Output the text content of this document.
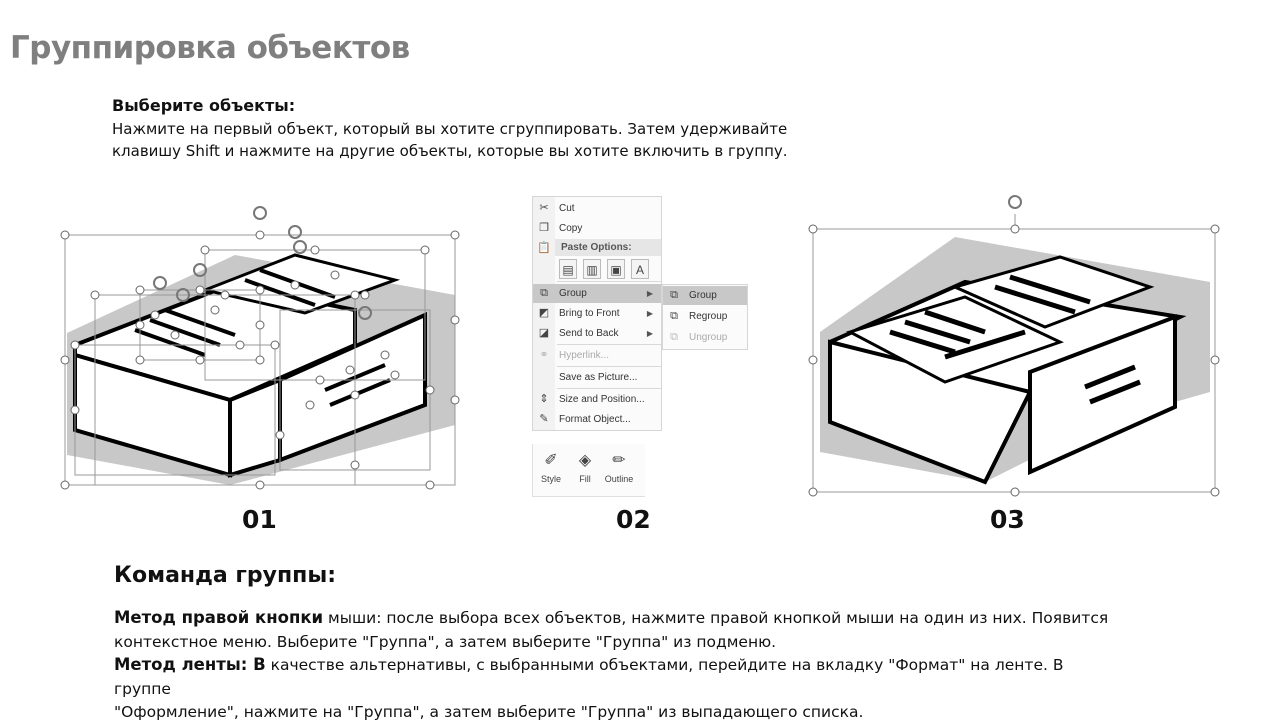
Группировка объектов
Выберите объекты:
Нажмите на первый объект, который вы хотите сгруппировать. Затем удерживайте
клавишу Shift и нажмите на другие объекты, которые вы хотите включить в группу.
✂ Cut
❐ Copy
📋	Paste Options:
▤ ▥ ▣	A
⧉	Group	▶
◩ Bring to Front	▶
◪ Send to Back	▶
⚭ Hyperlink...
Save as Picture...
⇕ Size and Position...
✎ Format Object...
⧉	Group
⧉	Regroup
⧉	Ungroup
✐
Style
◈
Fill
✏
Outline
01	02	03
Команда группы:
Метод правой кнопки мыши: после выбора всех объектов, нажмите правой кнопкой мыши на один из них. Появится
контекстное меню. Выберите "Группа", а затем выберите "Группа" из подменю.
Метод ленты: В качестве альтернативы, с выбранными объектами, перейдите на вкладку "Формат" на ленте. В группе
"Оформление", нажмите на "Группа", а затем выберите "Группа" из выпадающего списка.
